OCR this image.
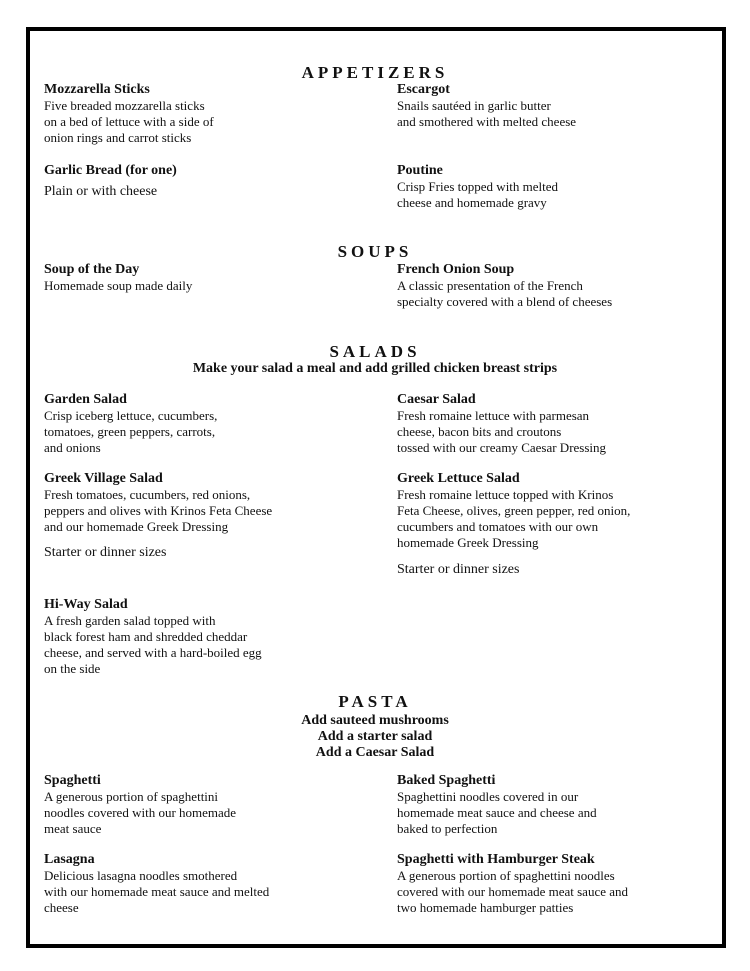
APPETIZERS
Mozzarella Sticks
Five breaded mozzarella sticks
on a bed of lettuce with a side of
onion rings and carrot sticks
Escargot
Snails sautéed in garlic butter
and smothered with melted cheese
Garlic Bread (for one)
Plain or with cheese
Poutine
Crisp Fries topped with melted
cheese and homemade gravy
SOUPS
Soup of the Day
Homemade soup made daily
French Onion Soup
A classic presentation of the French
specialty covered with a blend of cheeses
SALADS
Make your salad a meal and add grilled chicken breast strips
Garden Salad
Crisp iceberg lettuce, cucumbers,
tomatoes, green peppers, carrots,
and onions
Caesar Salad
Fresh romaine lettuce with parmesan
cheese, bacon bits and croutons
tossed with our creamy Caesar Dressing
Greek Village Salad
Fresh tomatoes, cucumbers, red onions,
peppers and olives with Krinos Feta Cheese
and our homemade Greek Dressing
Starter or dinner sizes
Greek Lettuce Salad
Fresh romaine lettuce topped with Krinos
Feta Cheese, olives, green pepper, red onion,
cucumbers and tomatoes with our own
homemade Greek Dressing
Starter or dinner sizes
Hi-Way Salad
A fresh garden salad topped with
black forest ham and shredded cheddar
cheese, and served with a hard-boiled egg
on the side
PASTA
Add sauteed mushrooms
Add a starter salad
Add a Caesar Salad
Spaghetti
A generous portion of spaghettini
noodles covered with our homemade
meat sauce
Baked Spaghetti
Spaghettini noodles covered in our
homemade meat sauce and cheese and
baked to perfection
Lasagna
Delicious lasagna noodles smothered
with our homemade meat sauce and melted
cheese
Spaghetti with Hamburger Steak
A generous portion of spaghettini noodles
covered with our homemade meat sauce and
two homemade hamburger patties
